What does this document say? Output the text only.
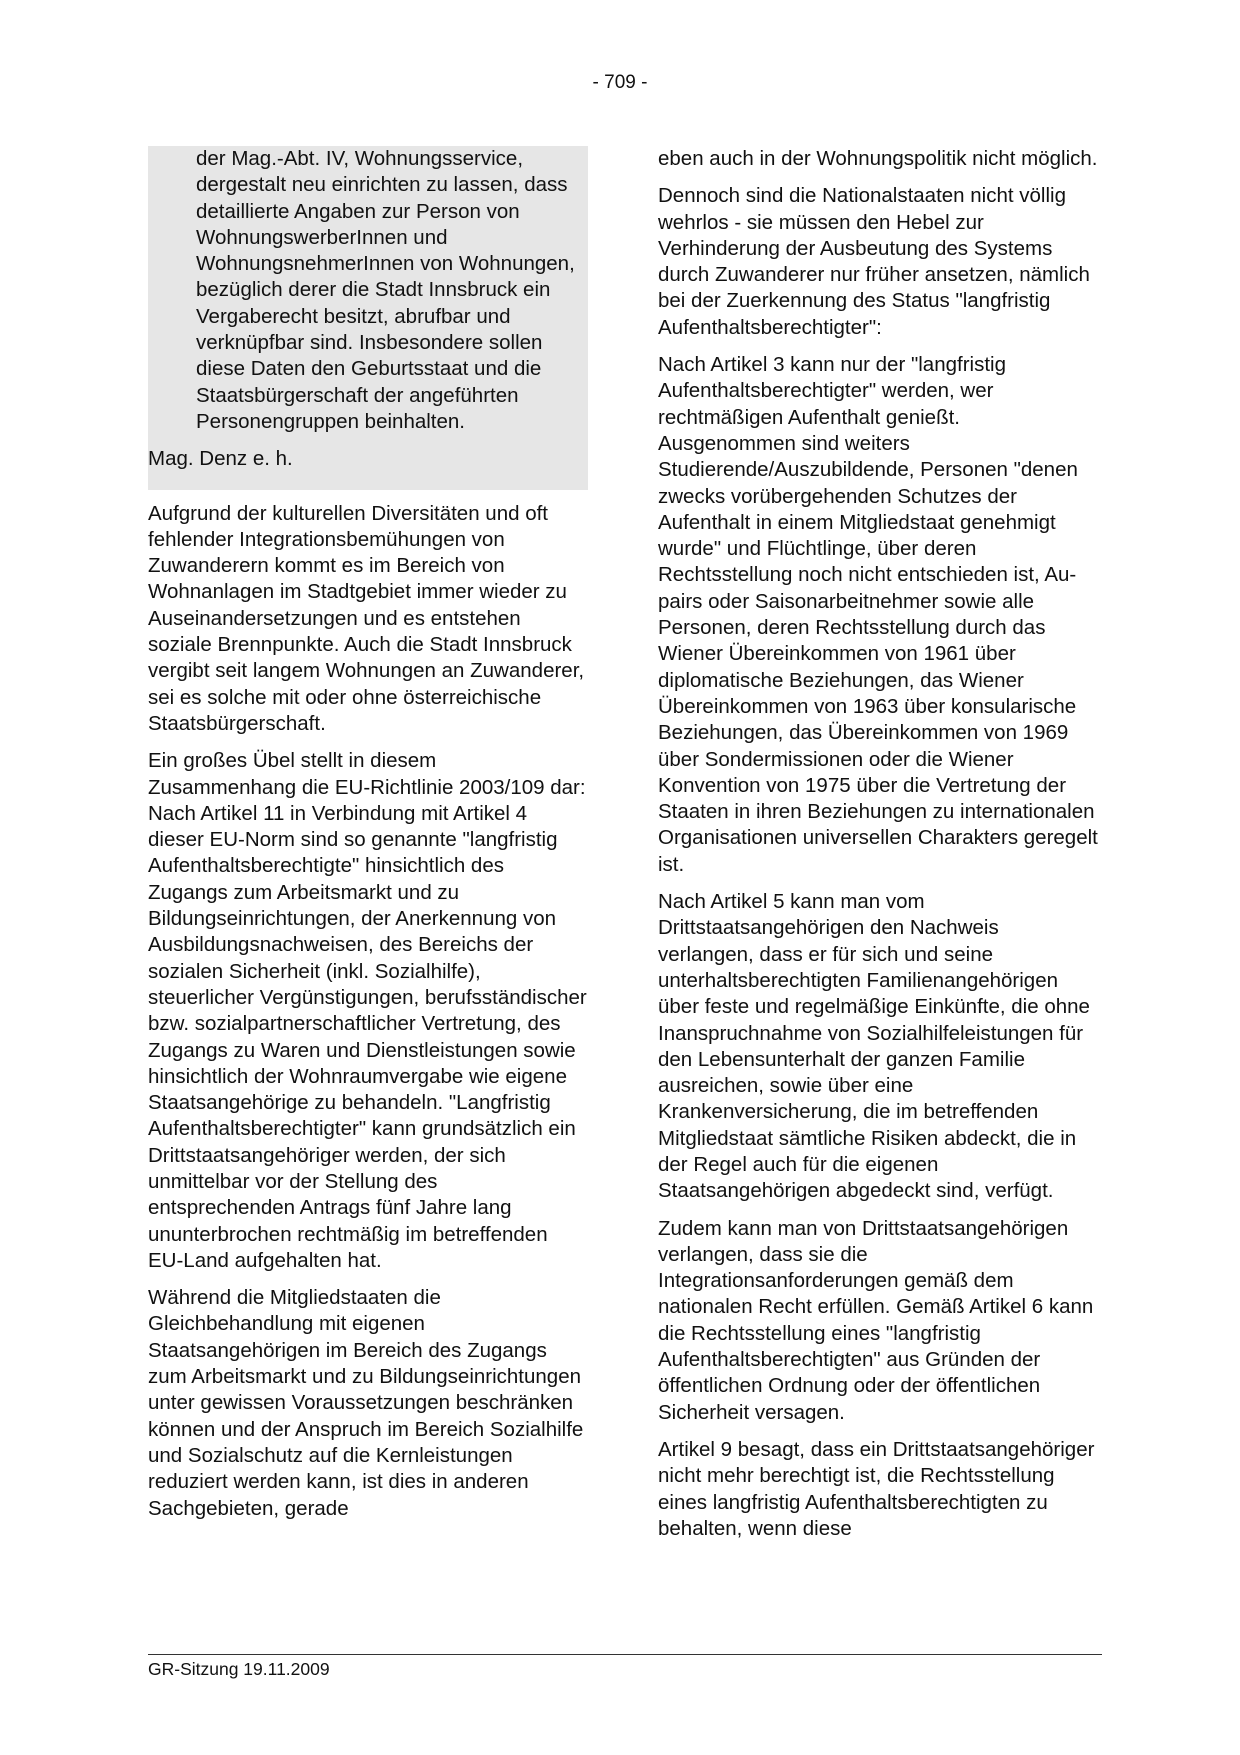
- 709 -

der Mag.-Abt. IV, Wohnungsservice, dergestalt neu einrichten zu lassen, dass detaillierte Angaben zur Person von WohnungswerberInnen und WohnungsnehmerInnen von Wohnungen, bezüglich derer die Stadt Innsbruck ein Vergaberecht besitzt, abrufbar und verknüpfbar sind. Insbesondere sollen diese Daten den Geburtsstaat und die Staatsbürgerschaft der angeführten Personengruppen beinhalten.

Mag. Denz e. h.

Aufgrund der kulturellen Diversitäten und oft fehlender Integrationsbemühungen von Zuwanderern kommt es im Bereich von Wohnanlagen im Stadtgebiet immer wieder zu Auseinandersetzungen und es entstehen soziale Brennpunkte. Auch die Stadt Innsbruck vergibt seit langem Wohnungen an Zuwanderer, sei es solche mit oder ohne österreichische Staatsbürgerschaft.

Ein großes Übel stellt in diesem Zusammenhang die EU-Richtlinie 2003/109 dar: Nach Artikel 11 in Verbindung mit Artikel 4 dieser EU-Norm sind so genannte "langfristig Aufenthaltsberechtigte" hinsichtlich des Zugangs zum Arbeitsmarkt und zu Bildungseinrichtungen, der Anerkennung von Ausbildungsnachweisen, des Bereichs der sozialen Sicherheit (inkl. Sozialhilfe), steuerlicher Vergünstigungen, berufsständischer bzw. sozialpartnerschaftlicher Vertretung, des Zugangs zu Waren und Dienstleistungen sowie hinsichtlich der Wohnraumvergabe wie eigene Staatsangehörige zu behandeln. "Langfristig Aufenthaltsberechtigter" kann grundsätzlich ein Drittstaatsangehöriger werden, der sich unmittelbar vor der Stellung des entsprechenden Antrags fünf Jahre lang ununterbrochen rechtmäßig im betreffenden EU-Land aufgehalten hat.

Während die Mitgliedstaaten die Gleichbehandlung mit eigenen Staatsangehörigen im Bereich des Zugangs zum Arbeitsmarkt und zu Bildungseinrichtungen unter gewissen Voraussetzungen beschränken können und der Anspruch im Bereich Sozialhilfe und Sozialschutz auf die Kernleistungen reduziert werden kann, ist dies in anderen Sachgebieten, gerade

eben auch in der Wohnungspolitik nicht möglich.

Dennoch sind die Nationalstaaten nicht völlig wehrlos - sie müssen den Hebel zur Verhinderung der Ausbeutung des Systems durch Zuwanderer nur früher ansetzen, nämlich bei der Zuerkennung des Status "langfristig Aufenthaltsberechtigter":

Nach Artikel 3 kann nur der "langfristig Aufenthaltsberechtigter" werden, wer rechtmäßigen Aufenthalt genießt. Ausgenommen sind weiters Studierende/Auszubildende, Personen "denen zwecks vorübergehenden Schutzes der Aufenthalt in einem Mitgliedstaat genehmigt wurde" und Flüchtlinge, über deren Rechtsstellung noch nicht entschieden ist, Au-pairs oder Saisonarbeitnehmer sowie alle Personen, deren Rechtsstellung durch das Wiener Übereinkommen von 1961 über diplomatische Beziehungen, das Wiener Übereinkommen von 1963 über konsularische Beziehungen, das Übereinkommen von 1969 über Sondermissionen oder die Wiener Konvention von 1975 über die Vertretung der Staaten in ihren Beziehungen zu internationalen Organisationen universellen Charakters geregelt ist.

Nach Artikel 5 kann man vom Drittstaatsangehörigen den Nachweis verlangen, dass er für sich und seine unterhaltsberechtigten Familienangehörigen über feste und regelmäßige Einkünfte, die ohne Inanspruchnahme von Sozialhilfeleistungen für den Lebensunterhalt der ganzen Familie ausreichen, sowie über eine Krankenversicherung, die im betreffenden Mitgliedstaat sämtliche Risiken abdeckt, die in der Regel auch für die eigenen Staatsangehörigen abgedeckt sind, verfügt.

Zudem kann man von Drittstaatsangehörigen verlangen, dass sie die Integrationsanforderungen gemäß dem nationalen Recht erfüllen. Gemäß Artikel 6 kann die Rechtsstellung eines "langfristig Aufenthaltsberechtigten" aus Gründen der öffentlichen Ordnung oder der öffentlichen Sicherheit versagen.

Artikel 9 besagt, dass ein Drittstaatsangehöriger nicht mehr berechtigt ist, die Rechtsstellung eines langfristig Aufenthaltsberechtigten zu behalten, wenn diese

GR-Sitzung 19.11.2009
